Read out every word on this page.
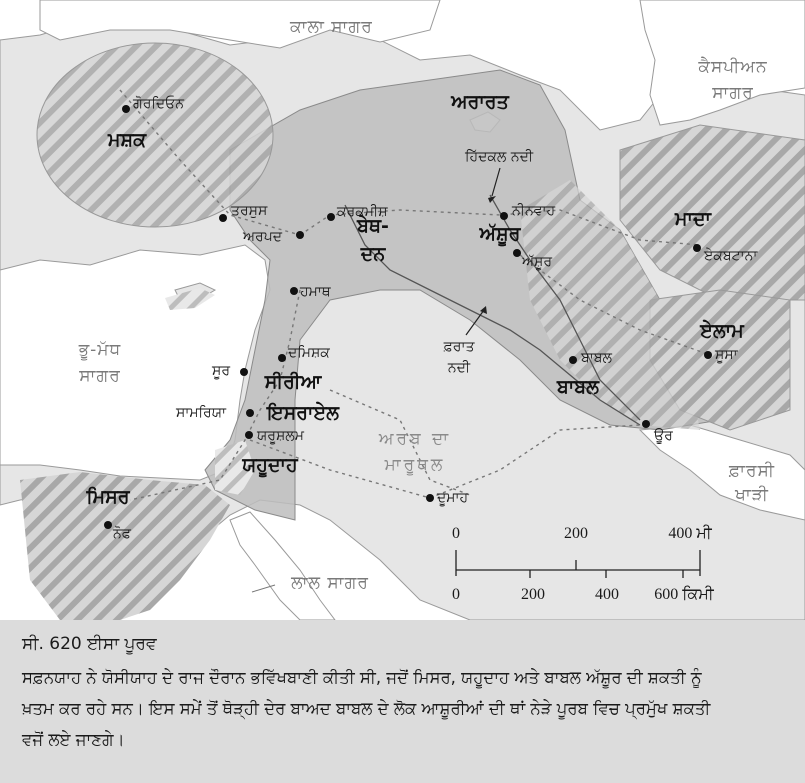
ਕਾਲਾ ਸਾਗਰ
ਕੈਸਪੀਅਨ
ਸਾਗਰ
ਭੂ-ਮੱਧ
ਸਾਗਰ
ਫ਼ਾਰਸੀ
ਖਾੜੀ
ਲਾਲ ਸਾਗਰ
ਅਰਬ ਦਾ
ਮਾਰੂਥਲ
ਅਰਾਰਤ
ਮਸ਼ਕ
ਬੇਥ-
ਦਨ
ਅੱਸ਼ੂਰ
ਮਾਦਾ
ਏਲਾਮ
ਸੀਰੀਆ
ਇਸਰਾਏਲ
ਯਹੂਦਾਹ
ਬਾਬਲ
ਮਿਸਰ
ਗੋਰਦਿਓਨ
ਤਰਸੁਸ
ਅਰਪਦ
ਕਰਕਮੀਸ਼	ਨੀਨਵਾਹ
ਅੱਸ਼ੂਰ	ਏਕਬਟਾਨਾ
ਹਮਾਥ
ਦਮਿਸ਼ਕ
ਸੂਰ
ਸਾਮਰਿਯਾ
ਯਰੂਸ਼ਲਮ
ਬਾਬਲ	ਸੂਸਾ
ਊਰ
ਦੂਮਾਹ
ਨੋਫ
ਹਿੱਦਕਲ ਨਦੀ
ਫ਼ਰਾਤ
ਨਦੀ
0	200	400 ਮੀ
0	200	400 600 ਕਿਮੀ
ਸੀ. 620 ਈਸਾ ਪੂਰਵ
ਸਫ਼ਨਯਾਹ ਨੇ ਯੋਸੀਯਾਹ ਦੇ ਰਾਜ ਦੌਰਾਨ ਭਵਿੱਖਬਾਣੀ ਕੀਤੀ ਸੀ, ਜਦੋਂ ਮਿਸਰ, ਯਹੂਦਾਹ ਅਤੇ ਬਾਬਲ ਅੱਸ਼ੂਰ ਦੀ ਸ਼ਕਤੀ ਨੂੰ
ਖ਼ਤਮ ਕਰ ਰਹੇ ਸਨ। ਇਸ ਸਮੇਂ ਤੋਂ ਥੋੜ੍ਹੀ ਦੇਰ ਬਾਅਦ ਬਾਬਲ ਦੇ ਲੋਕ ਆਸ਼ੂਰੀਆਂ ਦੀ ਥਾਂ ਨੇੜੇ ਪੂਰਬ ਵਿਚ ਪ੍ਰਮੁੱਖ ਸ਼ਕਤੀ
ਵਜੋਂ ਲਏ ਜਾਣਗੇ।
